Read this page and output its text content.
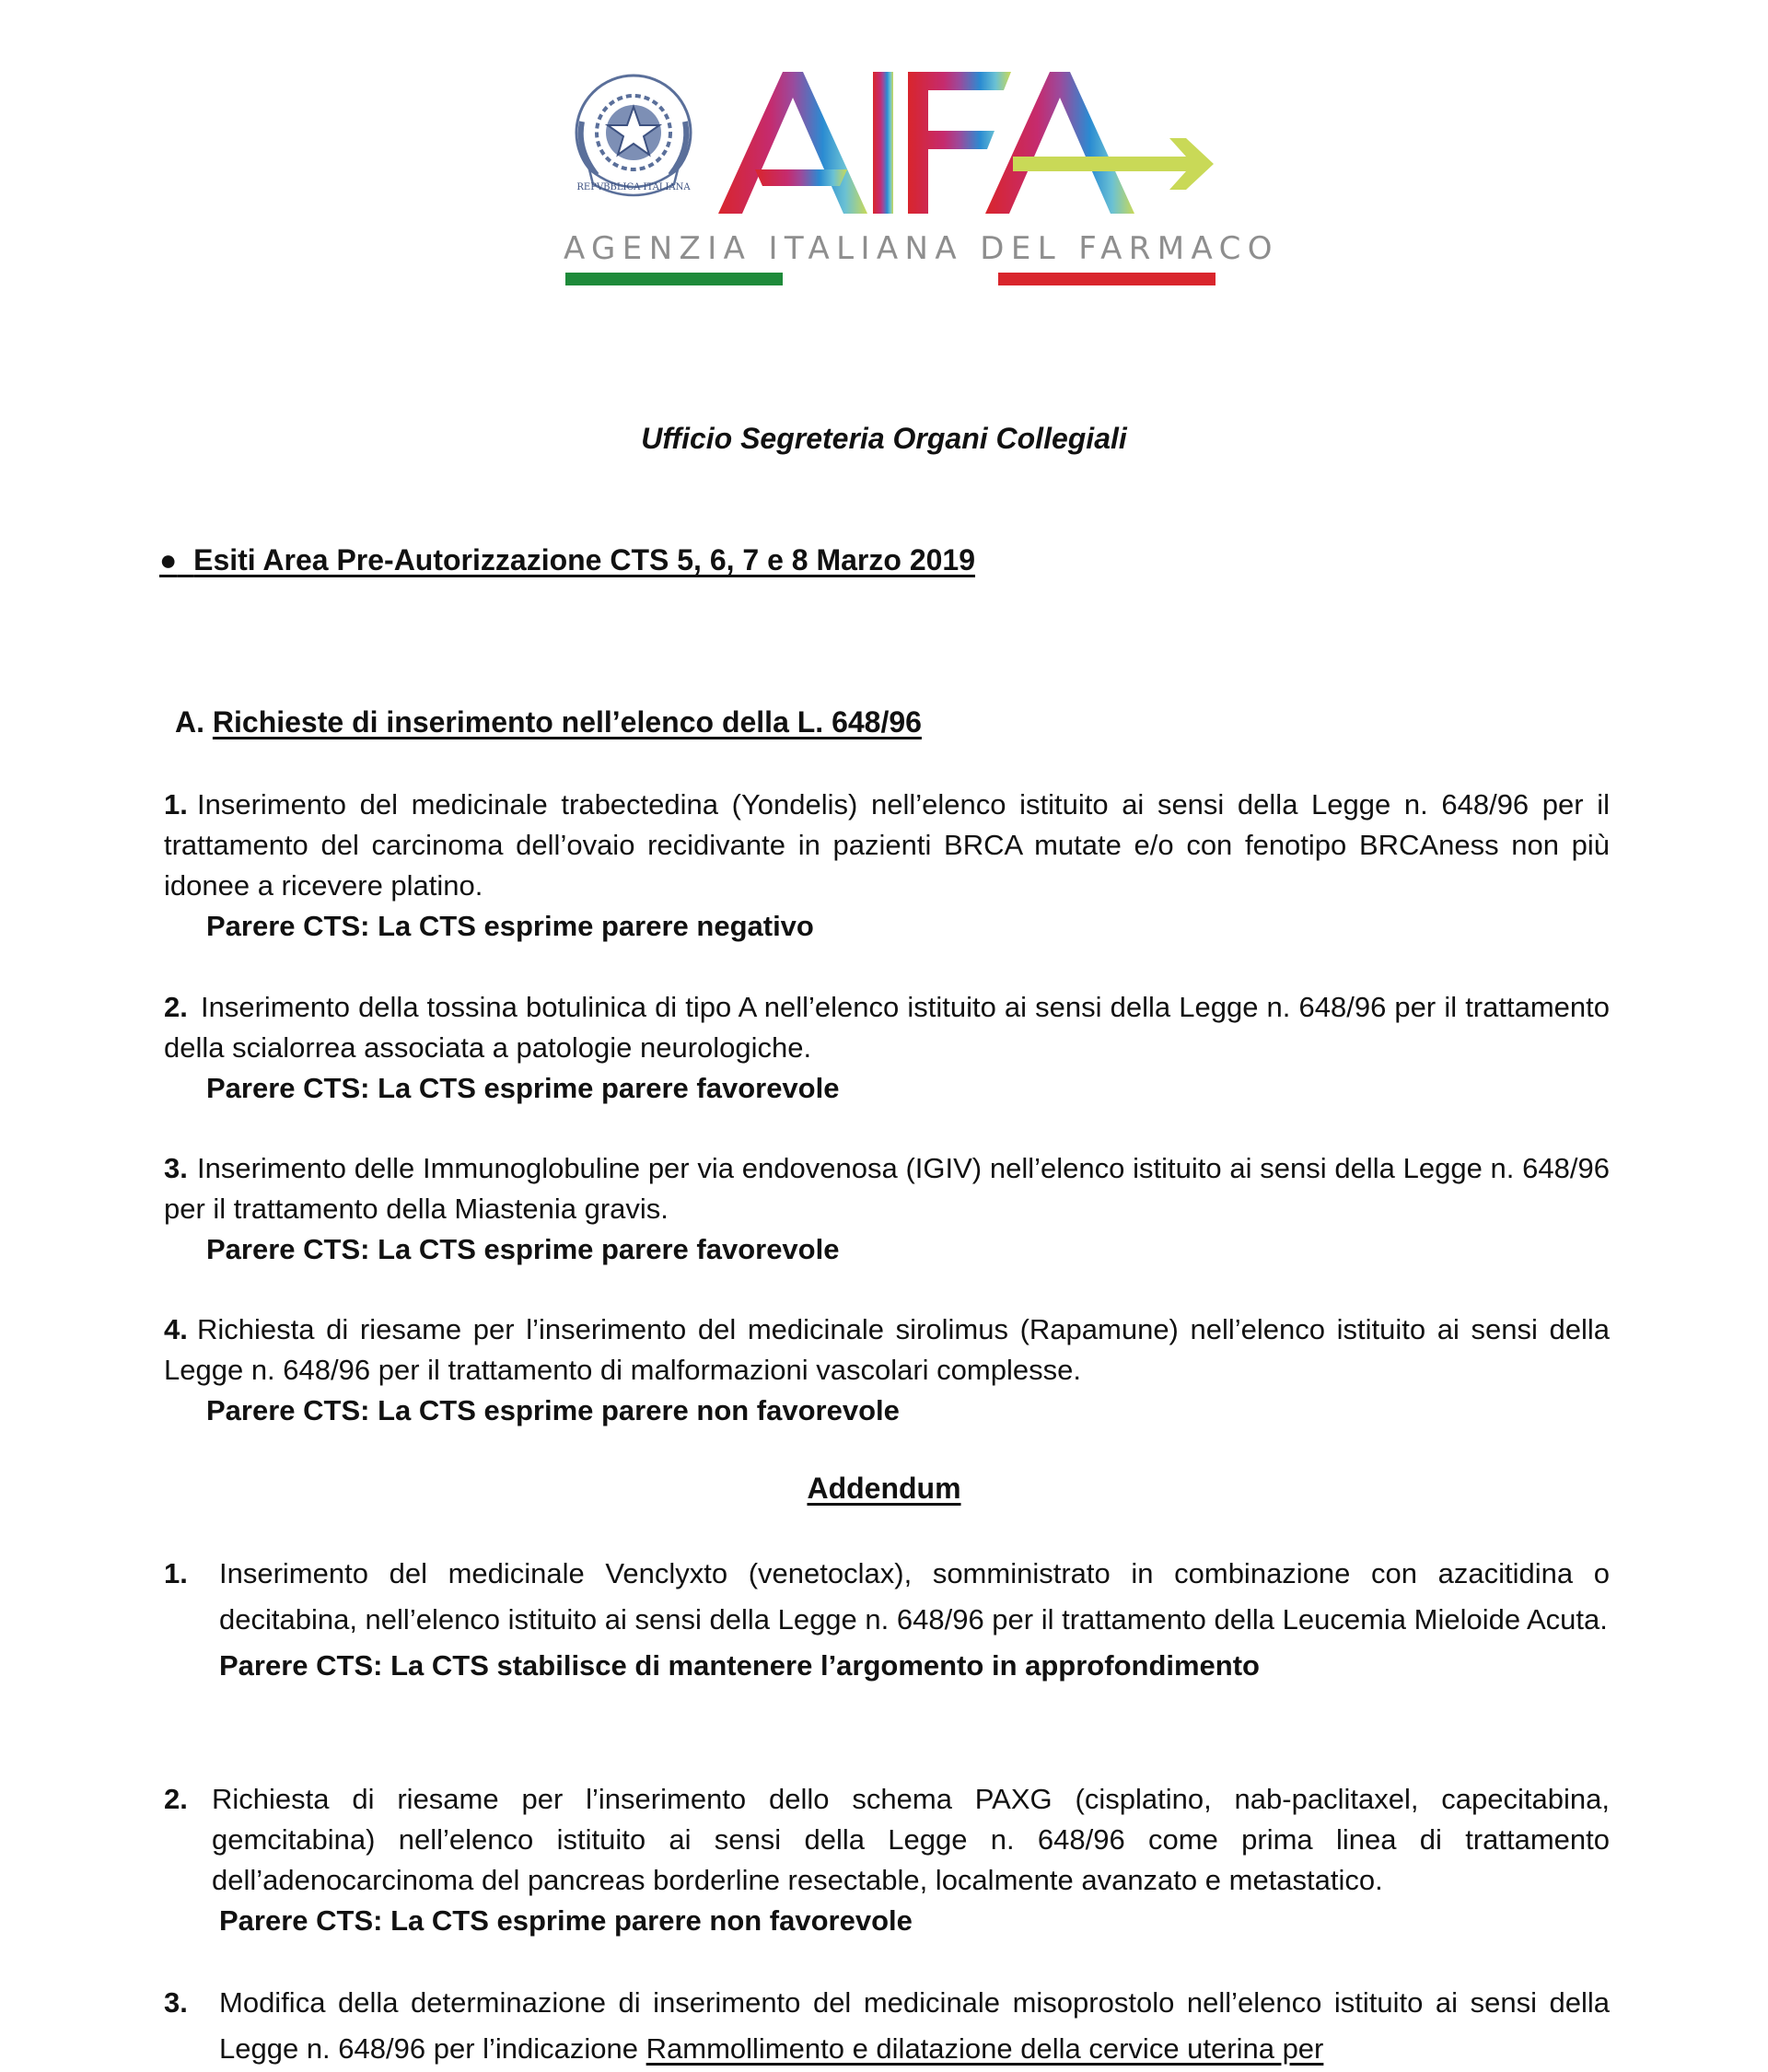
REPVBBLICA ITALIANA
AGENZIA ITALIANA DEL FARMACO
Ufficio Segreteria Organi Collegiali
● Esiti Area Pre-Autorizzazione CTS 5, 6, 7 e 8 Marzo 2019
A. Richieste di inserimento nell’elenco della L. 648/96
1. Inserimento del medicinale trabectedina (Yondelis) nell’elenco istituito ai sensi della Legge n. 648/96 per il trattamento del carcinoma dell’ovaio recidivante in pazienti BRCA mutate e/o con fenotipo BRCAness non più idonee a ricevere platino.
Parere CTS: La CTS esprime parere negativo
2. Inserimento della tossina botulinica di tipo A nell’elenco istituito ai sensi della Legge n. 648/96 per il trattamento della scialorrea associata a patologie neurologiche.
Parere CTS: La CTS esprime parere favorevole
3. Inserimento delle Immunoglobuline per via endovenosa (IGIV) nell’elenco istituito ai sensi della Legge n. 648/96 per il trattamento della Miastenia gravis.
Parere CTS: La CTS esprime parere favorevole
4. Richiesta di riesame per l’inserimento del medicinale sirolimus (Rapamune) nell’elenco istituito ai sensi della Legge n. 648/96 per il trattamento di malformazioni vascolari complesse.
Parere CTS: La CTS esprime parere non favorevole
Addendum
1. Inserimento del medicinale Venclyxto (venetoclax), somministrato in combinazione con azacitidina o decitabina, nell’elenco istituito ai sensi della Legge n. 648/96 per il trattamento della Leucemia Mieloide Acuta.
Parere CTS: La CTS stabilisce di mantenere l’argomento in approfondimento
2. Richiesta di riesame per l’inserimento dello schema PAXG (cisplatino, nab-paclitaxel, capecitabina, gemcitabina) nell’elenco istituito ai sensi della Legge n. 648/96 come prima linea di trattamento dell’adenocarcinoma del pancreas borderline resectable, localmente avanzato e metastatico.
Parere CTS: La CTS esprime parere non favorevole
3. Modifica della determinazione di inserimento del medicinale misoprostolo nell’elenco istituito ai sensi della Legge n. 648/96 per l’indicazione Rammollimento e dilatazione della cervice uterina per
